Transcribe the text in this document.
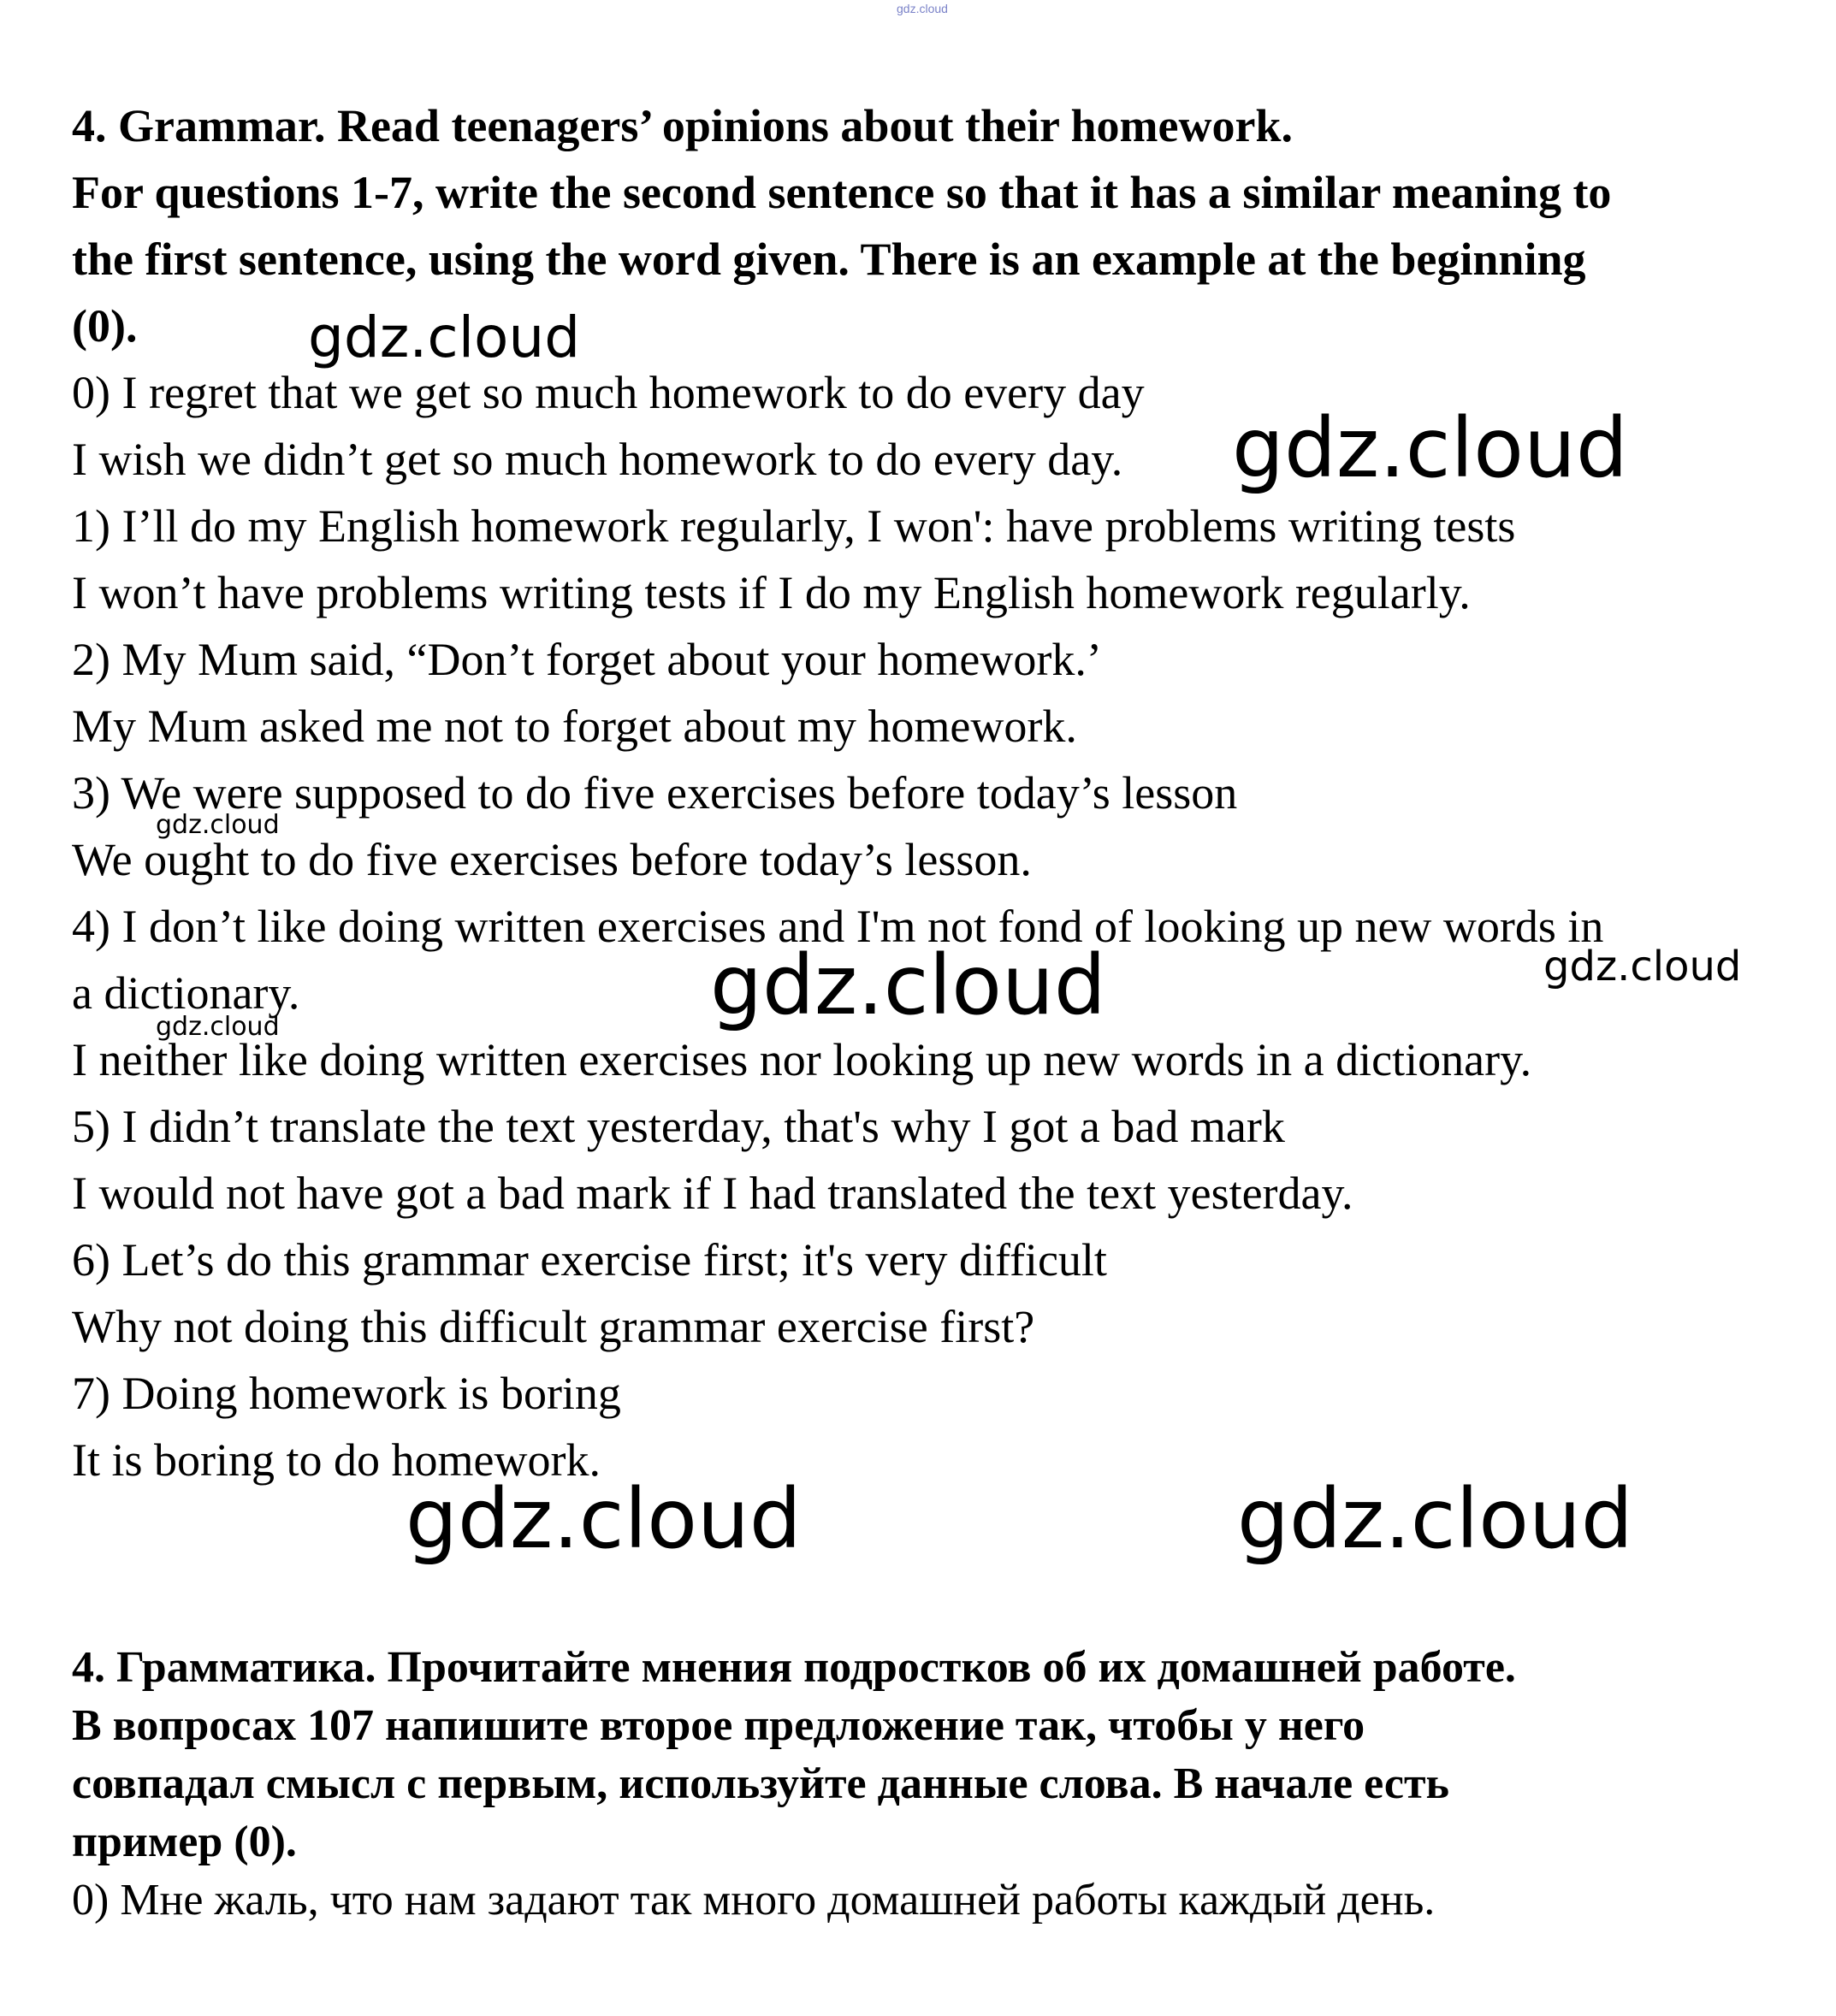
gdz.cloud
4. Grammar. Read teenagers’ opinions about their homework.
For questions 1-7, write the second sentence so that it has a similar meaning to
the first sentence, using the word given. There is an example at the beginning
(0).
0) I regret that we get so much homework to do every day
I wish we didn’t get so much homework to do every day.
1) I’ll do my English homework regularly, I won': have problems writing tests
I won’t have problems writing tests if I do my English homework regularly.
2) My Mum said, “Don’t forget about your homework.’
My Mum asked me not to forget about my homework.
3) We were supposed to do five exercises before today’s lesson
We ought to do five exercises before today’s lesson.
4) I don’t like doing written exercises and I'm not fond of looking up new words in
a dictionary.
I neither like doing written exercises nor looking up new words in a dictionary.
5) I didn’t translate the text yesterday, that's why I got a bad mark
I would not have got a bad mark if I had translated the text yesterday.
6) Let’s do this grammar exercise first; it's very difficult
Why not doing this difficult grammar exercise first?
7) Doing homework is boring
It is boring to do homework.
4. Грамматика. Прочитайте мнения подростков об их домашней работе.
В вопросах 107 напишите второе предложение так, чтобы у него
совпадал смысл с первым, используйте данные слова. В начале есть
пример (0).
0) Мне жаль, что нам задают так много домашней работы каждый день.
gdz.cloud
gdz.cloud
gdz.cloud
gdz.cloud	gdz.cloud
gdz.cloud
gdz.cloud	gdz.cloud
